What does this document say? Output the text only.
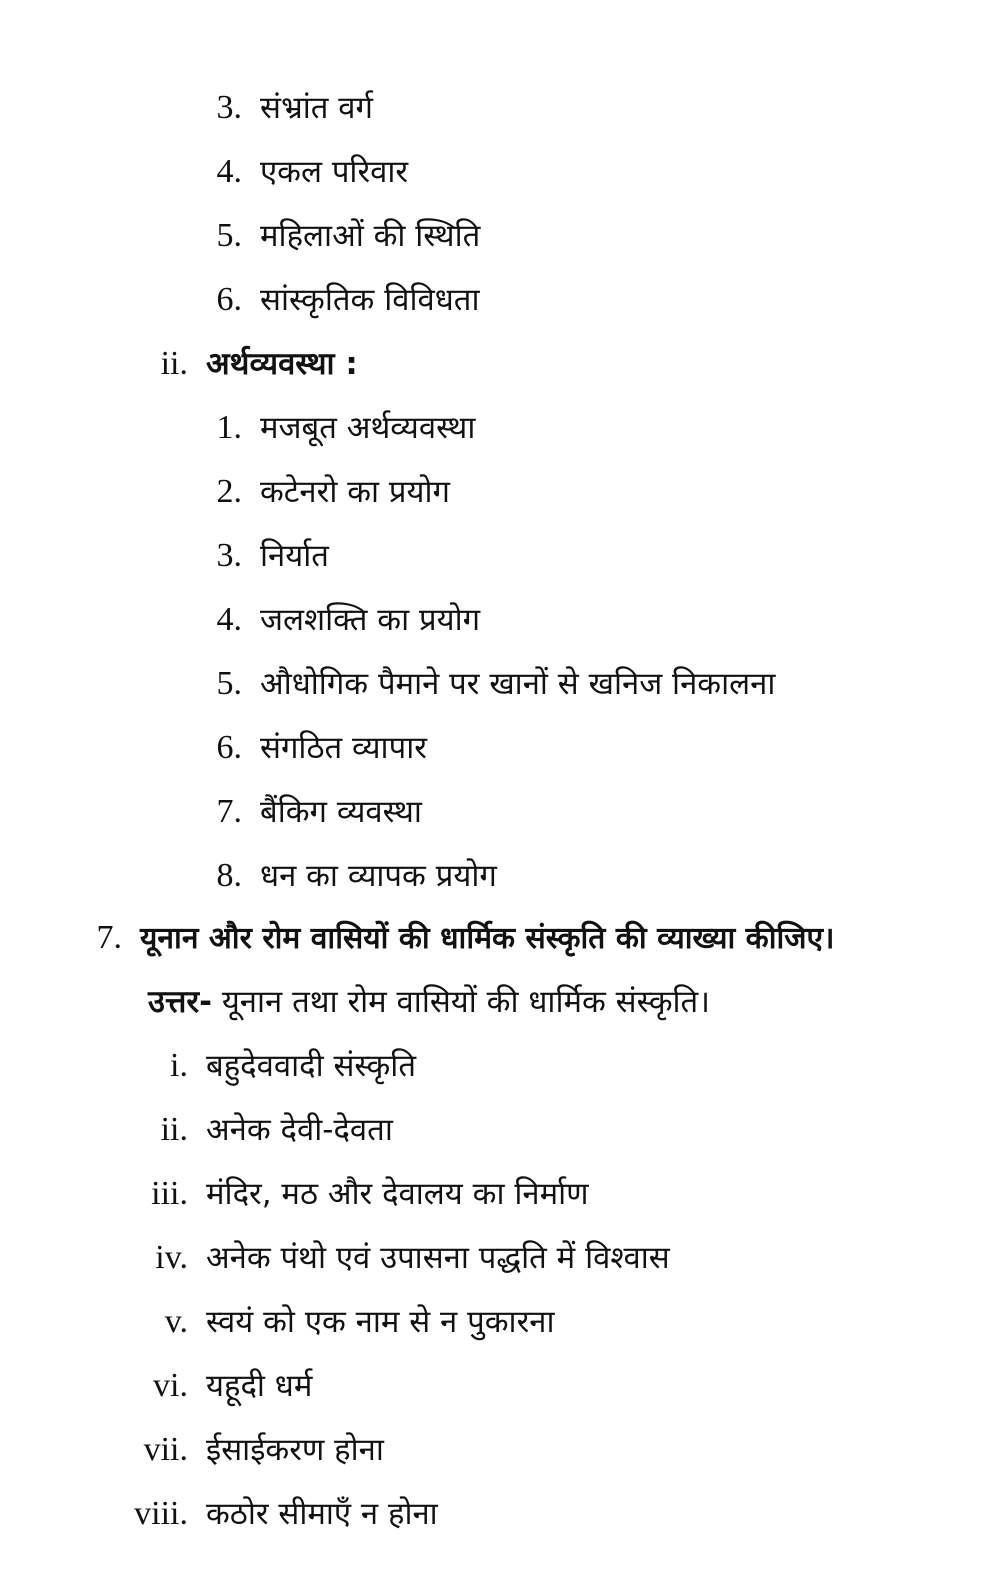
3. संभ्रांत वर्ग
4. एकल परिवार
5. महिलाओं की स्थिति
6. सांस्कृतिक विविधता
ii. अर्थव्यवस्था :
1. मजबूत अर्थव्यवस्था
2. कटेनरो का प्रयोग
3. निर्यात
4. जलशक्ति का प्रयोग
5. औधोगिक पैमाने पर खानों से खनिज निकालना
6. संगठित व्यापार
7. बैंकिग व्यवस्था
8. धन का व्यापक प्रयोग
7. यूनान और रोम वासियों की धार्मिक संस्कृति की व्याख्या कीजिए।
उत्तर- यूनान तथा रोम वासियों की धार्मिक संस्कृति।
i. बहुदेववादी संस्कृति
ii. अनेक देवी-देवता
iii. मंदिर, मठ और देवालय का निर्माण
iv. अनेक पंथो एवं उपासना पद्धति में विश्वास
v. स्वयं को एक नाम से न पुकारना
vi. यहूदी धर्म
vii. ईसाईकरण होना
viii. कठोर सीमाएँ न होना
